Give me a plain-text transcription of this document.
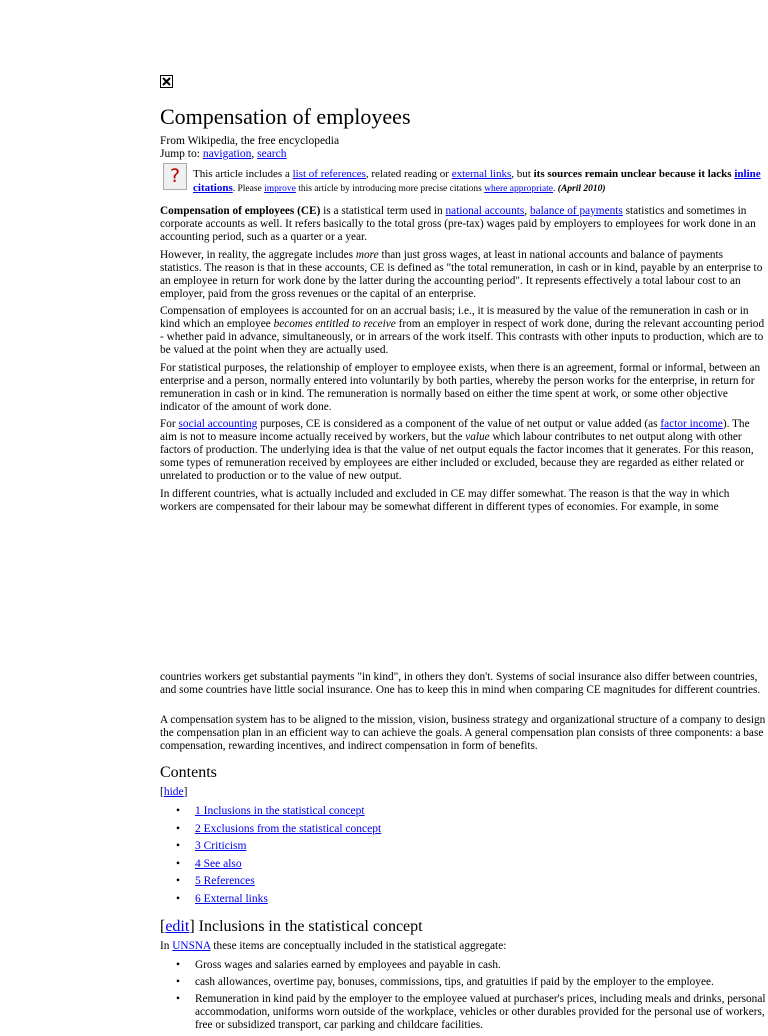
Compensation of employees
From Wikipedia, the free encyclopedia
Jump to: navigation, search
?	This article includes a list of references, related reading or external links, but its sources remain unclear because it lacks inline citations. Please improve this article by introducing more precise citations where appropriate. (April 2010)

Compensation of employees (CE) is a statistical term used in national accounts, balance of payments statistics and sometimes in corporate accounts as well. It refers basically to the total gross (pre-tax) wages paid by employers to employees for work done in an accounting period, such as a quarter or a year.

However, in reality, the aggregate includes more than just gross wages, at least in national accounts and balance of payments statistics. The reason is that in these accounts, CE is defined as "the total remuneration, in cash or in kind, payable by an enterprise to an employee in return for work done by the latter during the accounting period". It represents effectively a total labour cost to an employer, paid from the gross revenues or the capital of an enterprise.

Compensation of employees is accounted for on an accrual basis; i.e., it is measured by the value of the remuneration in cash or in kind which an employee becomes entitled to receive from an employer in respect of work done, during the relevant accounting period - whether paid in advance, simultaneously, or in arrears of the work itself. This contrasts with other inputs to production, which are to be valued at the point when they are actually used.

For statistical purposes, the relationship of employer to employee exists, when there is an agreement, formal or informal, between an enterprise and a person, normally entered into voluntarily by both parties, whereby the person works for the enterprise, in return for remuneration in cash or in kind. The remuneration is normally based on either the time spent at work, or some other objective indicator of the amount of work done.

For social accounting purposes, CE is considered as a component of the value of net output or value added (as factor income). The aim is not to measure income actually received by workers, but the value which labour contributes to net output along with other factors of production. The underlying idea is that the value of net output equals the factor incomes that it generates. For this reason, some types of remuneration received by employees are either included or excluded, because they are regarded as either related or unrelated to production or to the value of new output.

In different countries, what is actually included and excluded in CE may differ somewhat. The reason is that the way in which workers are compensated for their labour may be somewhat different in different types of economies. For example, in some

countries workers get substantial payments "in kind", in others they don't. Systems of social insurance also differ between countries, and some countries have little social insurance. One has to keep this in mind when comparing CE magnitudes for different countries.

A compensation system has to be aligned to the mission, vision, business strategy and organizational structure of a company to design the compensation plan in an efficient way to can achieve the goals. A general compensation plan consists of three components: a base compensation, rewarding incentives, and indirect compensation in form of benefits.

Contents
[hide]
• 1 Inclusions in the statistical concept
• 2 Exclusions from the statistical concept
• 3 Criticism
• 4 See also
• 5 References
• 6 External links
[edit] Inclusions in the statistical concept

In UNSNA these items are conceptually included in the statistical aggregate:

• Gross wages and salaries earned by employees and payable in cash.
• cash allowances, overtime pay, bonuses, commissions, tips, and gratuities if paid by the employer to the employee.
• Remuneration in kind paid by the employer to the employee valued at purchaser's prices, including meals and drinks, personal accommodation, uniforms worn outside of the workplace, vehicles or other durables provided for the personal use of workers, free or subsidized transport, car parking and childcare facilities.
